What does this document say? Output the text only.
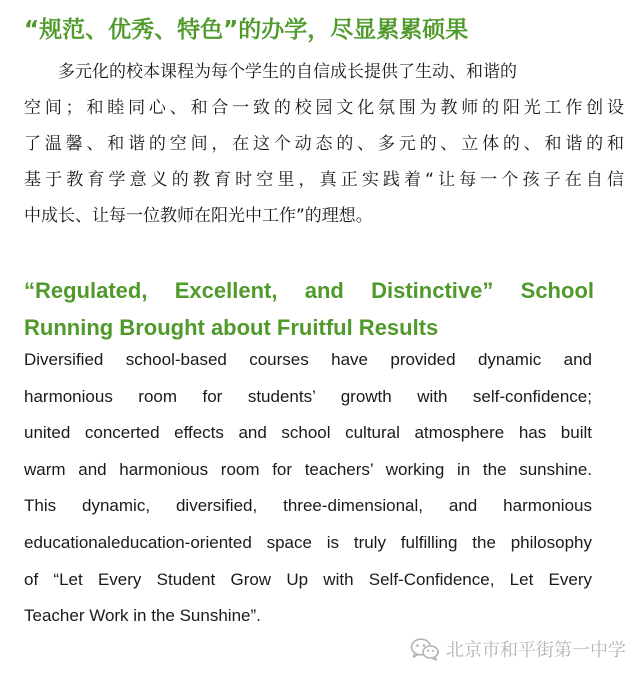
“规范、优秀、特色”的办学，尽显累累硕果

多元化的校本课程为每个学生的自信成长提供了生动、和谐的
空间；和睦同心、和合一致的校园文化氛围为教师的阳光工作创设
了温馨、和谐的空间，在这个动态的、多元的、立体的、和谐的和
基于教育学意义的教育时空里，真正实践着“让每一个孩子在自信
中成长、让每一位教师在阳光中工作”的理想。

“Regulated, Excellent, and Distinctive” School
Running Brought about Fruitful Results

Diversified school-based courses have provided dynamic and
harmonious room for students’ growth with self-confidence;
united concerted effects and school cultural atmosphere has built
warm and harmonious room for teachers’ working in the sunshine.
This dynamic, diversified, three-dimensional, and harmonious
educationaleducation-oriented space is truly fulfilling the philosophy
of “Let Every Student Grow Up with Self-Confidence, Let Every
Teacher Work in the Sunshine”.

北京市和平街第一中学
